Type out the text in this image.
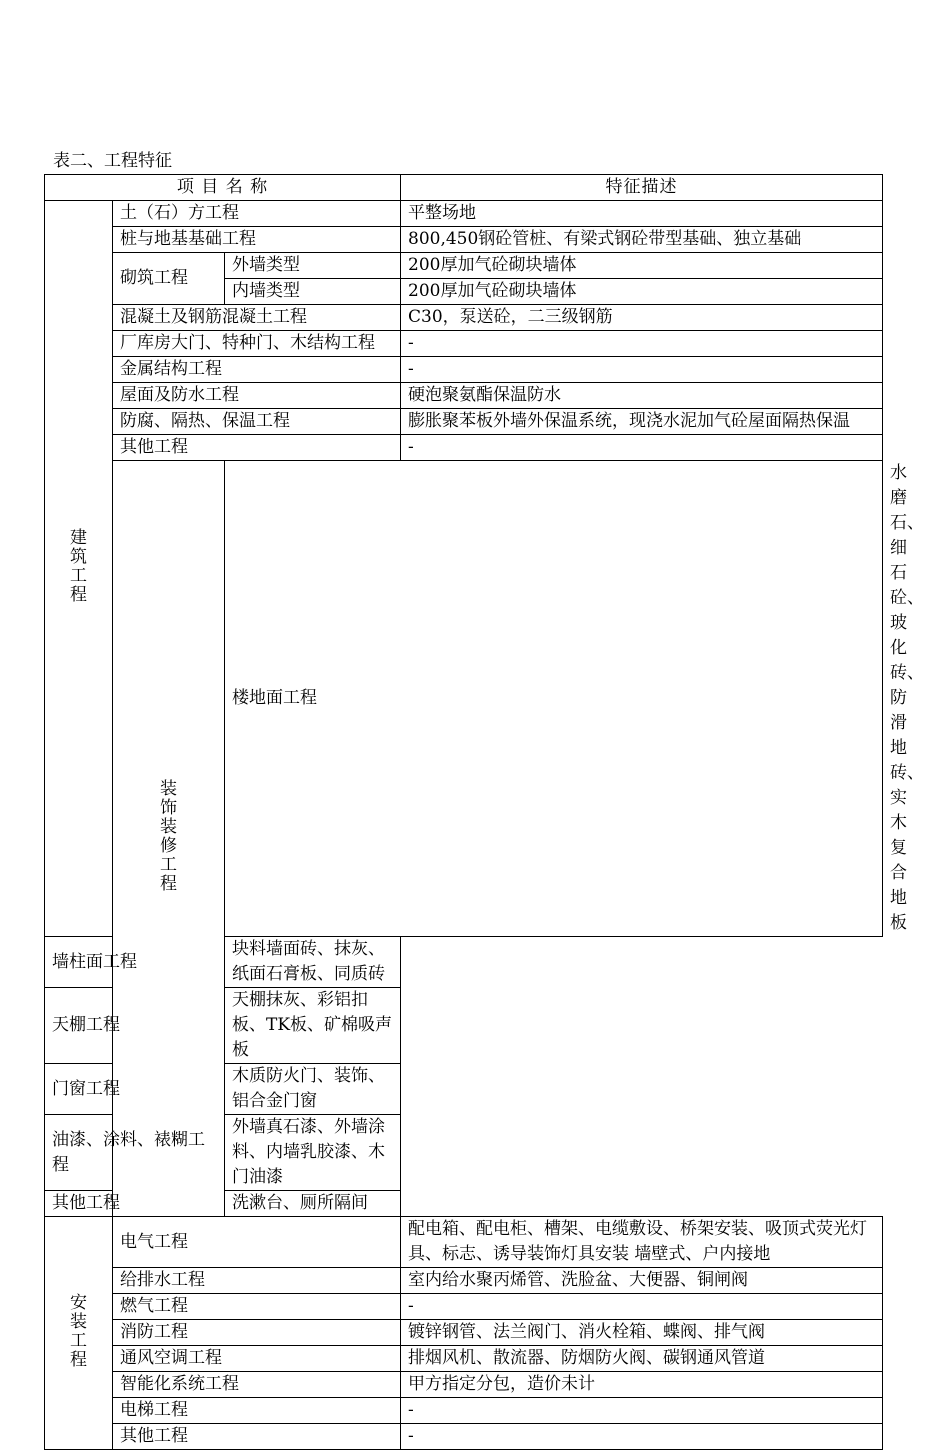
表二、工程特征
项 目 名 称			特征描述	
建筑工程	土（石）方工程		平整场地	
	桩与地基基础工程		800,450钢砼管桩、有梁式钢砼带型基础、独立基础	
	砌筑工程	外墙类型	200厚加气砼砌块墙体	
		内墙类型	200厚加气砼砌块墙体	
	混凝土及钢筋混凝土工程		C30，泵送砼，二三级钢筋	
	厂库房大门、特种门、木结构工程		-	
	金属结构工程		-	
	屋面及防水工程		硬泡聚氨酯保温防水	
	防腐、隔热、保温工程		膨胀聚苯板外墙外保温系统，现浇水泥加气砼屋面隔热保温	
	其他工程		-	
	装饰装修工程	楼地面工程		水磨石、细石砼、玻化砖、防滑地砖、实木复合地板
墙柱面工程		块料墙面砖、抹灰、纸面石膏板、同质砖		
天棚工程		天棚抹灰、彩铝扣板、TK板、矿棉吸声板		
门窗工程		木质防火门、装饰、铝合金门窗		
油漆、涂料、裱糊工程		外墙真石漆、外墙涂料、内墙乳胶漆、木门油漆		
其他工程		洗漱台、厕所隔间		
安装工程	电气工程		配电箱、配电柜、槽架、电缆敷设、桥架安装、吸顶式荧光灯具、标志、诱导装饰灯具安装 墙壁式、户内接地	
	给排水工程		室内给水聚丙烯管、洗脸盆、大便器、铜闸阀	
	燃气工程		-	
	消防工程		镀锌钢管、法兰阀门、消火栓箱、蝶阀、排气阀	
	通风空调工程		排烟风机、散流器、防烟防火阀、碳钢通风管道	
	智能化系统工程		甲方指定分包，造价未计	
	电梯工程		-	
	其他工程		-	
